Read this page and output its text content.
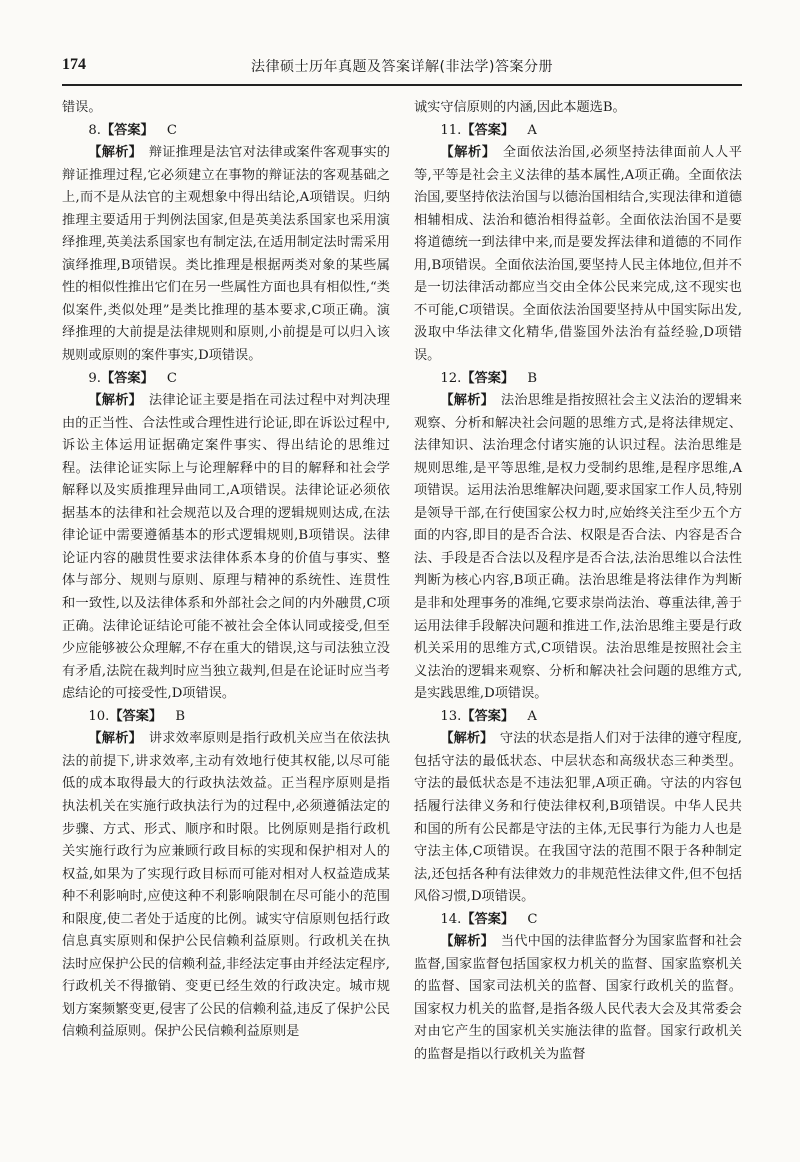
174	法律硕士历年真题及答案详解(非法学)答案分册

错误。

8.【答案】  C

【解析】  辩证推理是法官对法律或案件客观事实的辩证推理过程,它必须建立在事物的辩证法的客观基础之上,而不是从法官的主观想象中得出结论,A项错误。归纳推理主要适用于判例法国家,但是英美法系国家也采用演绎推理,英美法系国家也有制定法,在适用制定法时需采用演绎推理,B项错误。类比推理是根据两类对象的某些属性的相似性推出它们在另一些属性方面也具有相似性,“类似案件,类似处理”是类比推理的基本要求,C项正确。演绎推理的大前提是法律规则和原则,小前提是可以归入该规则或原则的案件事实,D项错误。

9.【答案】  C

【解析】  法律论证主要是指在司法过程中对判决理由的正当性、合法性或合理性进行论证,即在诉讼过程中,诉讼主体运用证据确定案件事实、得出结论的思维过程。法律论证实际上与论理解释中的目的解释和社会学解释以及实质推理异曲同工,A项错误。法律论证必须依据基本的法律和社会规范以及合理的逻辑规则达成,在法律论证中需要遵循基本的形式逻辑规则,B项错误。法律论证内容的融贯性要求法律体系本身的价值与事实、整体与部分、规则与原则、原理与精神的系统性、连贯性和一致性,以及法律体系和外部社会之间的内外融贯,C项正确。法律论证结论可能不被社会全体认同或接受,但至少应能够被公众理解,不存在重大的错误,这与司法独立没有矛盾,法院在裁判时应当独立裁判,但是在论证时应当考虑结论的可接受性,D项错误。

10.【答案】  B

【解析】  讲求效率原则是指行政机关应当在依法执法的前提下,讲求效率,主动有效地行使其权能,以尽可能低的成本取得最大的行政执法效益。正当程序原则是指执法机关在实施行政执法行为的过程中,必须遵循法定的步骤、方式、形式、顺序和时限。比例原则是指行政机关实施行政行为应兼顾行政目标的实现和保护相对人的权益,如果为了实现行政目标而可能对相对人权益造成某种不利影响时,应使这种不利影响限制在尽可能小的范围和限度,使二者处于适度的比例。诚实守信原则包括行政信息真实原则和保护公民信赖利益原则。行政机关在执法时应保护公民的信赖利益,非经法定事由并经法定程序,行政机关不得撤销、变更已经生效的行政决定。城市规划方案频繁变更,侵害了公民的信赖利益,违反了保护公民信赖利益原则。保护公民信赖利益原则是

诚实守信原则的内涵,因此本题选B。

11.【答案】  A

【解析】  全面依法治国,必须坚持法律面前人人平等,平等是社会主义法律的基本属性,A项正确。全面依法治国,要坚持依法治国与以德治国相结合,实现法律和道德相辅相成、法治和德治相得益彰。全面依法治国不是要将道德统一到法律中来,而是要发挥法律和道德的不同作用,B项错误。全面依法治国,要坚持人民主体地位,但并不是一切法律活动都应当交由全体公民来完成,这不现实也不可能,C项错误。全面依法治国要坚持从中国实际出发,汲取中华法律文化精华,借鉴国外法治有益经验,D项错误。

12.【答案】  B

【解析】  法治思维是指按照社会主义法治的逻辑来观察、分析和解决社会问题的思维方式,是将法律规定、法律知识、法治理念付诸实施的认识过程。法治思维是规则思维,是平等思维,是权力受制约思维,是程序思维,A项错误。运用法治思维解决问题,要求国家工作人员,特别是领导干部,在行使国家公权力时,应始终关注至少五个方面的内容,即目的是否合法、权限是否合法、内容是否合法、手段是否合法以及程序是否合法,法治思维以合法性判断为核心内容,B项正确。法治思维是将法律作为判断是非和处理事务的准绳,它要求崇尚法治、尊重法律,善于运用法律手段解决问题和推进工作,法治思维主要是行政机关采用的思维方式,C项错误。法治思维是按照社会主义法治的逻辑来观察、分析和解决社会问题的思维方式,是实践思维,D项错误。

13.【答案】  A

【解析】  守法的状态是指人们对于法律的遵守程度,包括守法的最低状态、中层状态和高级状态三种类型。守法的最低状态是不违法犯罪,A项正确。守法的内容包括履行法律义务和行使法律权利,B项错误。中华人民共和国的所有公民都是守法的主体,无民事行为能力人也是守法主体,C项错误。在我国守法的范围不限于各种制定法,还包括各种有法律效力的非规范性法律文件,但不包括风俗习惯,D项错误。

14.【答案】  C

【解析】  当代中国的法律监督分为国家监督和社会监督,国家监督包括国家权力机关的监督、国家监察机关的监督、国家司法机关的监督、国家行政机关的监督。国家权力机关的监督,是指各级人民代表大会及其常委会对由它产生的国家机关实施法律的监督。国家行政机关的监督是指以行政机关为监督
